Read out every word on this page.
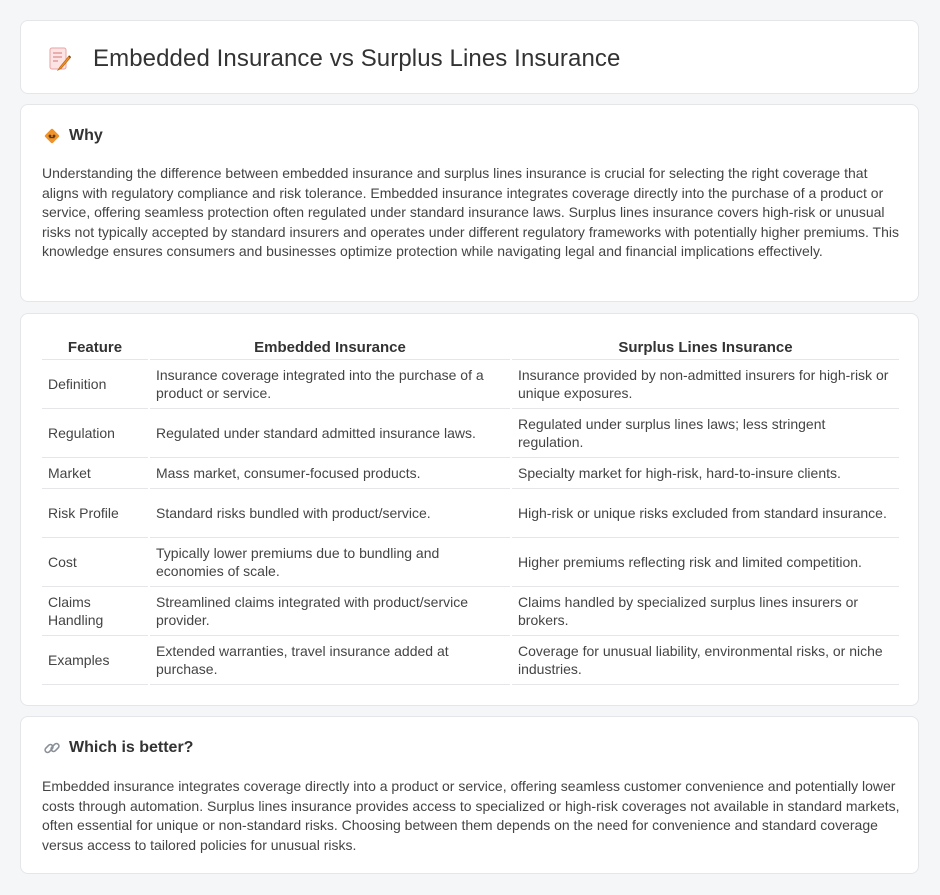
Embedded Insurance vs Surplus Lines Insurance
Why

Understanding the difference between embedded insurance and surplus lines insurance is crucial for selecting the right coverage that aligns with regulatory compliance and risk tolerance. Embedded insurance integrates coverage directly into the purchase of a product or service, offering seamless protection often regulated under standard insurance laws. Surplus lines insurance covers high-risk or unusual risks not typically accepted by standard insurers and operates under different regulatory frameworks with potentially higher premiums. This knowledge ensures consumers and businesses optimize protection while navigating legal and financial implications effectively.

Feature	Embedded Insurance	Surplus Lines Insurance
Definition	Insurance coverage integrated into the purchase of a product or service.	Insurance provided by non-admitted insurers for high-risk or unique exposures.
Regulation	Regulated under standard admitted insurance laws.	Regulated under surplus lines laws; less stringent regulation.
Market	Mass market, consumer-focused products.	Specialty market for high-risk, hard-to-insure clients.
Risk Profile	Standard risks bundled with product/service.	High-risk or unique risks excluded from standard insurance.
Cost	Typically lower premiums due to bundling and economies of scale.	Higher premiums reflecting risk and limited competition.
Claims Handling	Streamlined claims integrated with product/service provider.	Claims handled by specialized surplus lines insurers or brokers.
Examples	Extended warranties, travel insurance added at purchase.	Coverage for unusual liability, environmental risks, or niche industries.
Which is better?

Embedded insurance integrates coverage directly into a product or service, offering seamless customer convenience and potentially lower costs through automation. Surplus lines insurance provides access to specialized or high-risk coverages not available in standard markets, often essential for unique or non-standard risks. Choosing between them depends on the need for convenience and standard coverage versus access to tailored policies for unusual risks.
